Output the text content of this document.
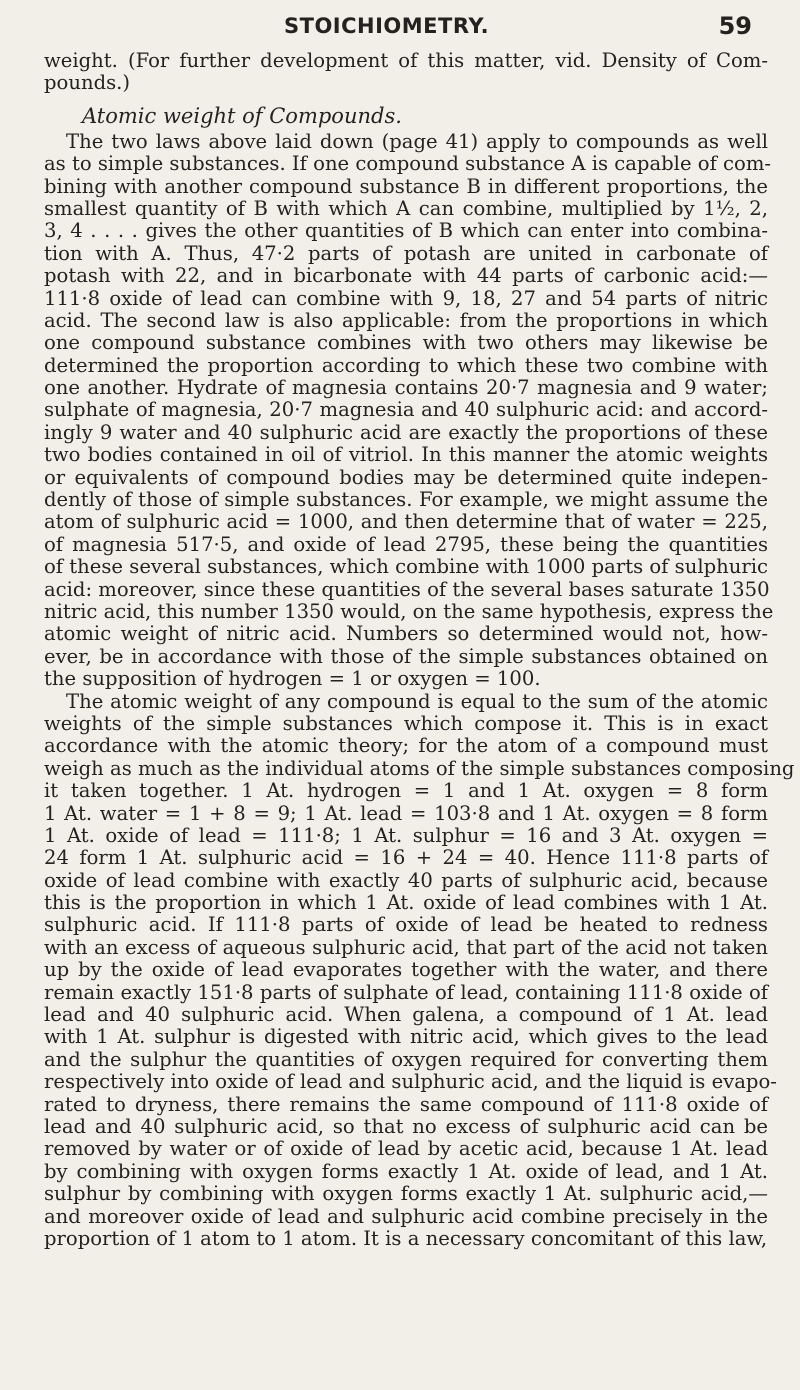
STOICHIOMETRY.	59
weight. (For further development of this matter, vid. Density of Com-
pounds.)
Atomic weight of Compounds.
The two laws above laid down (page 41) apply to compounds as well
as to simple substances. If one compound substance A is capable of com-
bining with another compound substance B in different proportions, the
smallest quantity of B with which A can combine, multiplied by 1½, 2,
3, 4 . . . . gives the other quantities of B which can enter into combina-
tion with A. Thus, 47·2 parts of potash are united in carbonate of
potash with 22, and in bicarbonate with 44 parts of carbonic acid:—
111·8 oxide of lead can combine with 9, 18, 27 and 54 parts of nitric
acid. The second law is also applicable: from the proportions in which
one compound substance combines with two others may likewise be
determined the proportion according to which these two combine with
one another. Hydrate of magnesia contains 20·7 magnesia and 9 water;
sulphate of magnesia, 20·7 magnesia and 40 sulphuric acid: and accord-
ingly 9 water and 40 sulphuric acid are exactly the proportions of these
two bodies contained in oil of vitriol. In this manner the atomic weights
or equivalents of compound bodies may be determined quite indepen-
dently of those of simple substances. For example, we might assume the
atom of sulphuric acid = 1000, and then determine that of water = 225,
of magnesia 517·5, and oxide of lead 2795, these being the quantities
of these several substances, which combine with 1000 parts of sulphuric
acid: moreover, since these quantities of the several bases saturate 1350
nitric acid, this number 1350 would, on the same hypothesis, express the
atomic weight of nitric acid. Numbers so determined would not, how-
ever, be in accordance with those of the simple substances obtained on
the supposition of hydrogen = 1 or oxygen = 100.
The atomic weight of any compound is equal to the sum of the atomic
weights of the simple substances which compose it. This is in exact
accordance with the atomic theory; for the atom of a compound must
weigh as much as the individual atoms of the simple substances composing
it taken together. 1 At. hydrogen = 1 and 1 At. oxygen = 8 form
1 At. water = 1 + 8 = 9; 1 At. lead = 103·8 and 1 At. oxygen = 8 form
1 At. oxide of lead = 111·8; 1 At. sulphur = 16 and 3 At. oxygen =
24 form 1 At. sulphuric acid = 16 + 24 = 40. Hence 111·8 parts of
oxide of lead combine with exactly 40 parts of sulphuric acid, because
this is the proportion in which 1 At. oxide of lead combines with 1 At.
sulphuric acid. If 111·8 parts of oxide of lead be heated to redness
with an excess of aqueous sulphuric acid, that part of the acid not taken
up by the oxide of lead evaporates together with the water, and there
remain exactly 151·8 parts of sulphate of lead, containing 111·8 oxide of
lead and 40 sulphuric acid. When galena, a compound of 1 At. lead
with 1 At. sulphur is digested with nitric acid, which gives to the lead
and the sulphur the quantities of oxygen required for converting them
respectively into oxide of lead and sulphuric acid, and the liquid is evapo-
rated to dryness, there remains the same compound of 111·8 oxide of
lead and 40 sulphuric acid, so that no excess of sulphuric acid can be
removed by water or of oxide of lead by acetic acid, because 1 At. lead
by combining with oxygen forms exactly 1 At. oxide of lead, and 1 At.
sulphur by combining with oxygen forms exactly 1 At. sulphuric acid,—
and moreover oxide of lead and sulphuric acid combine precisely in the
proportion of 1 atom to 1 atom. It is a necessary concomitant of this law,
